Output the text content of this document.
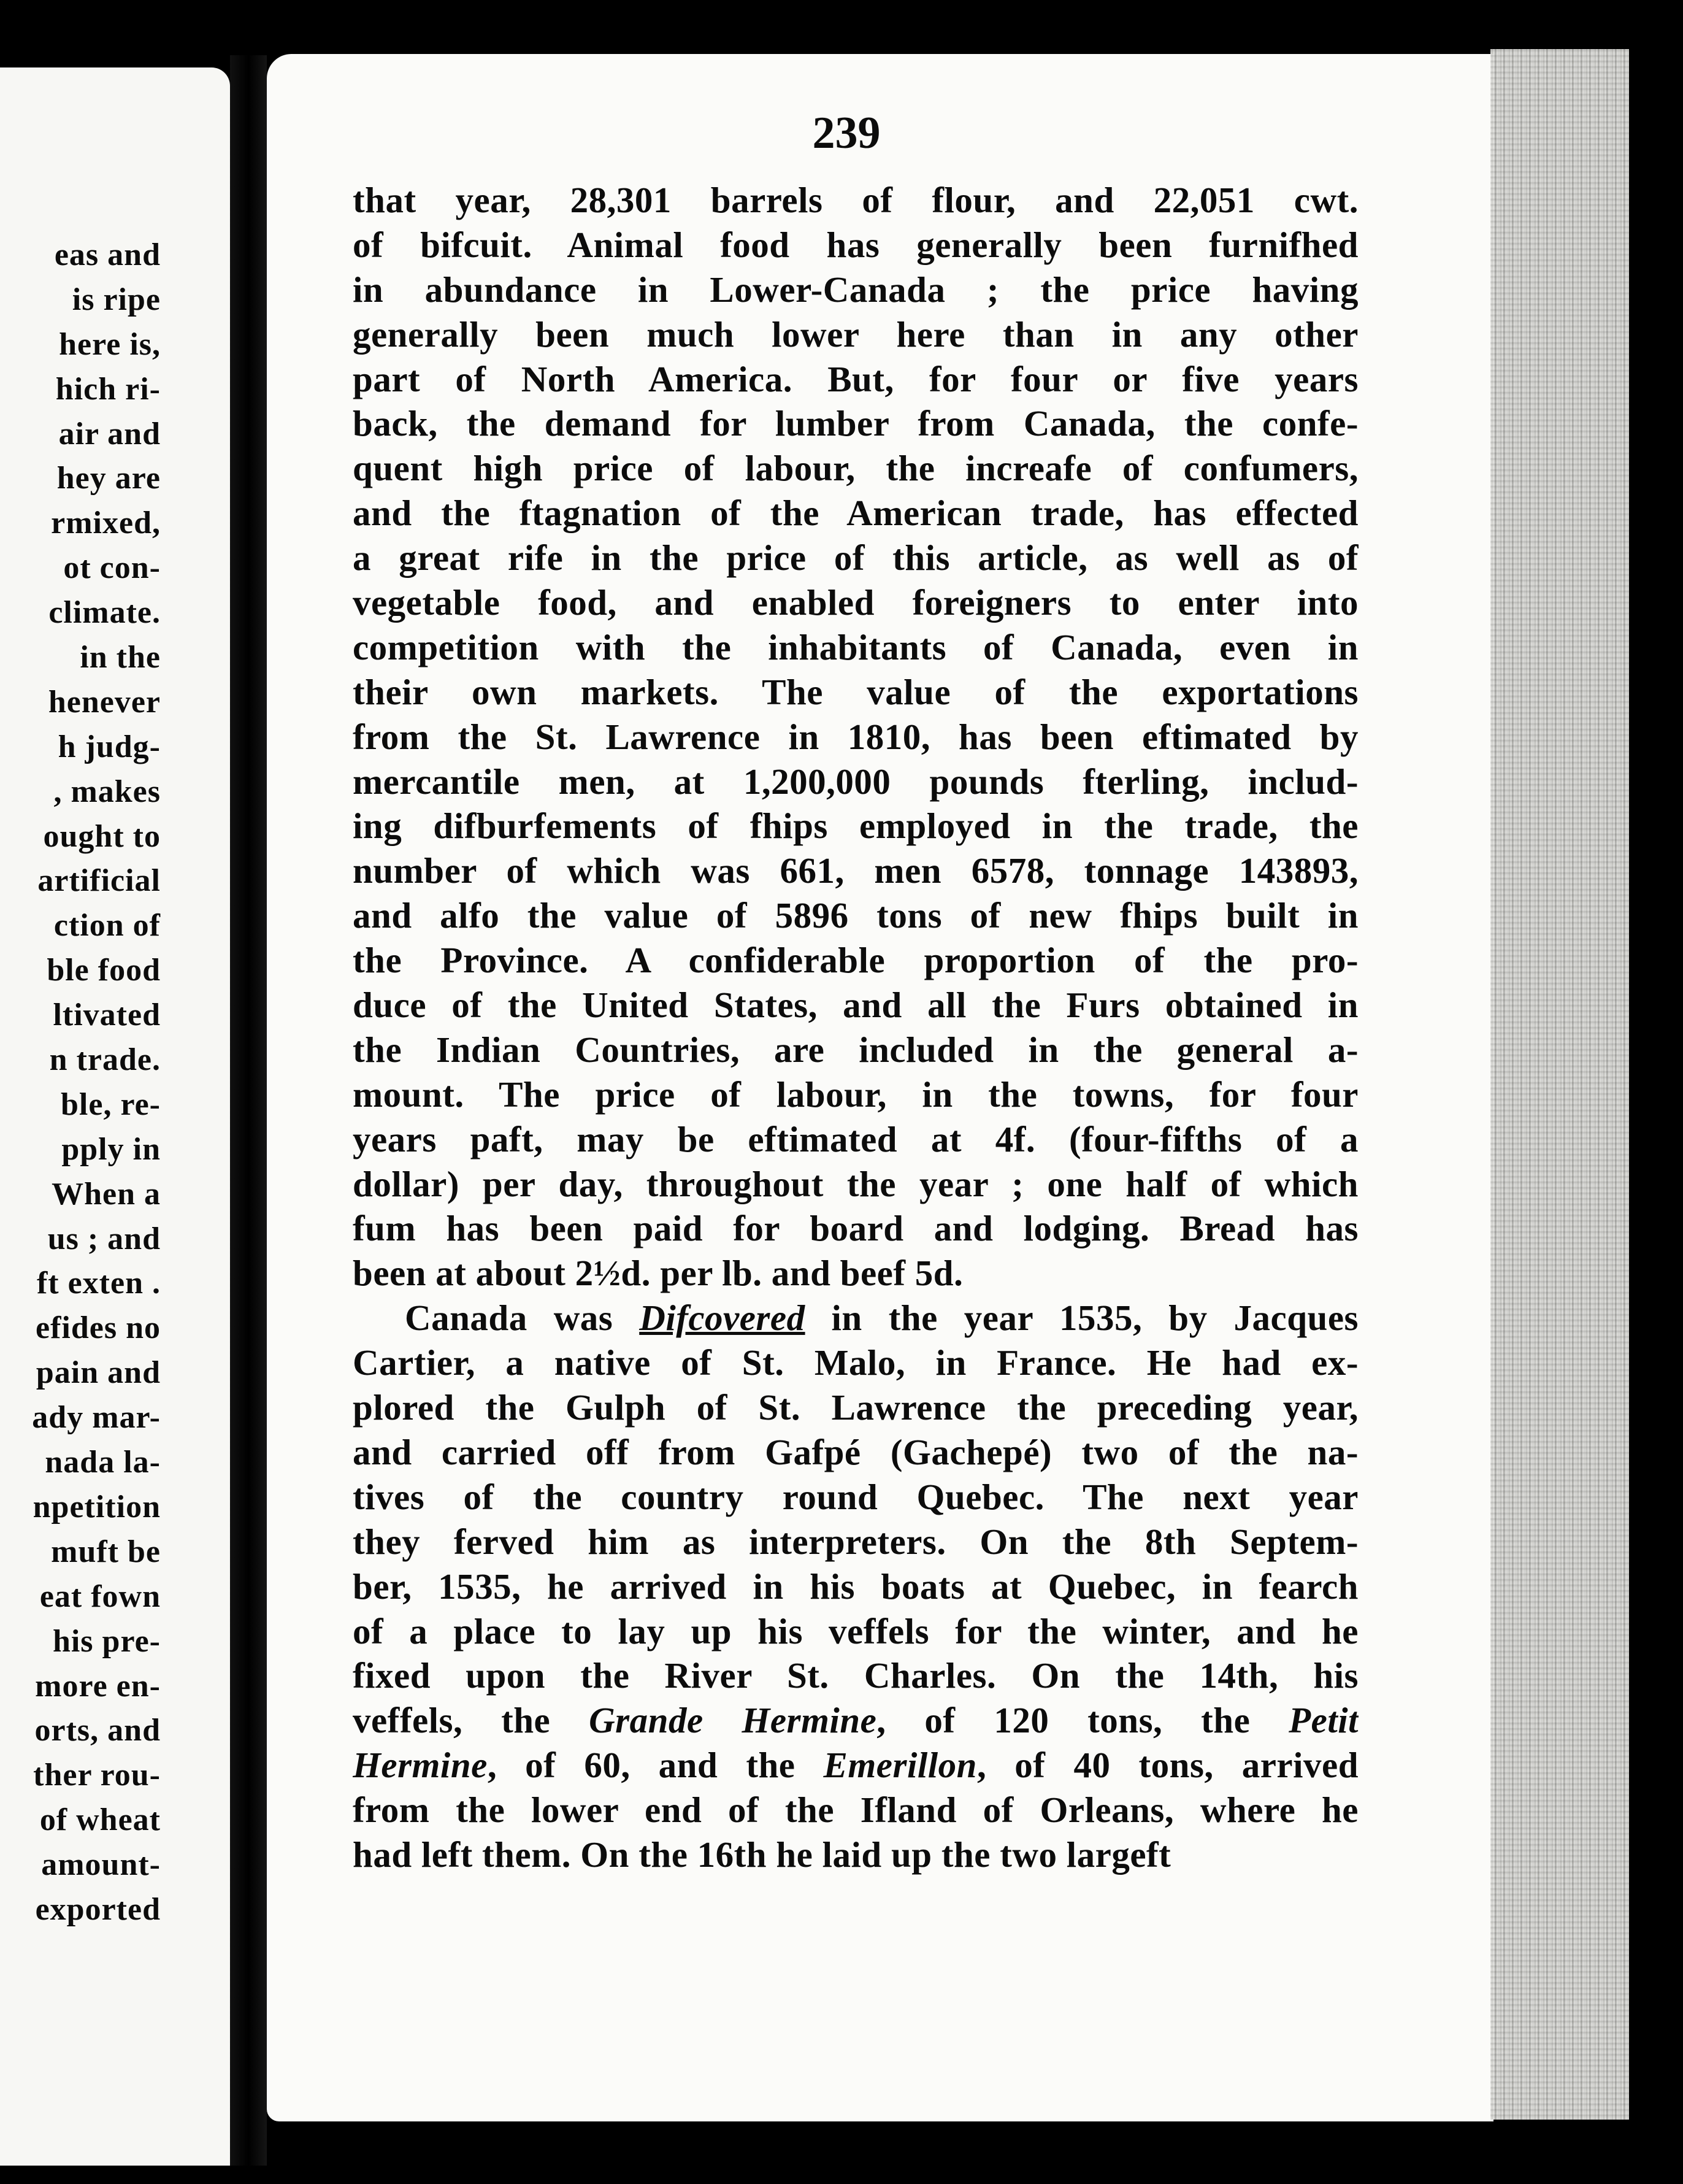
eas and
is ripe
here is,
hich ri-
air and
hey are
rmixed,
ot con-
climate.
in the
henever
h judg-
, makes
ought to
artificial
ction of
ble food
ltivated
n trade.
ble, re-
pply in
When a
us ; and
ft exten .
efides no
pain and
ady mar-
nada la-
npetition
muft be
eat fown
his pre-
more en-
orts, and
ther rou-
of wheat
amount-
exported
239
that year, 28,301 barrels of flour, and 22,051 cwt.
of bifcuit. Animal food has generally been furnifhed
in abundance in Lower-Canada ; the price having
generally been much lower here than in any other
part of North America. But, for four or five years
back, the demand for lumber from Canada, the confe-
quent high price of labour, the increafe of confumers,
and the ftagnation of the American trade, has effected
a great rife in the price of this article, as well as of
vegetable food, and enabled foreigners to enter into
competition with the inhabitants of Canada, even in
their own markets. The value of the exportations
from the St. Lawrence in 1810, has been eftimated by
mercantile men, at 1,200,000 pounds fterling, includ-
ing difburfements of fhips employed in the trade, the
number of which was 661, men 6578, tonnage 143893,
and alfo the value of 5896 tons of new fhips built in
the Province. A confiderable proportion of the pro-
duce of the United States, and all the Furs obtained in
the Indian Countries, are included in the general a-
mount. The price of labour, in the towns, for four
years paft, may be eftimated at 4f. (four-fifths of a
dollar) per day, throughout the year ; one half of which
fum has been paid for board and lodging. Bread has
been at about 2½d. per lb. and beef 5d.
Canada was Difcovered in the year 1535, by Jacques
Cartier, a native of St. Malo, in France. He had ex-
plored the Gulph of St. Lawrence the preceding year,
and carried off from Gafpé (Gachepé) two of the na-
tives of the country round Quebec. The next year
they ferved him as interpreters. On the 8th Septem-
ber, 1535, he arrived in his boats at Quebec, in fearch
of a place to lay up his veffels for the winter, and he
fixed upon the River St. Charles. On the 14th, his
veffels, the Grande Hermine, of 120 tons, the Petit
Hermine, of 60, and the Emerillon, of 40 tons, arrived
from the lower end of the Ifland of Orleans, where he
had left them. On the 16th he laid up the two largeft
